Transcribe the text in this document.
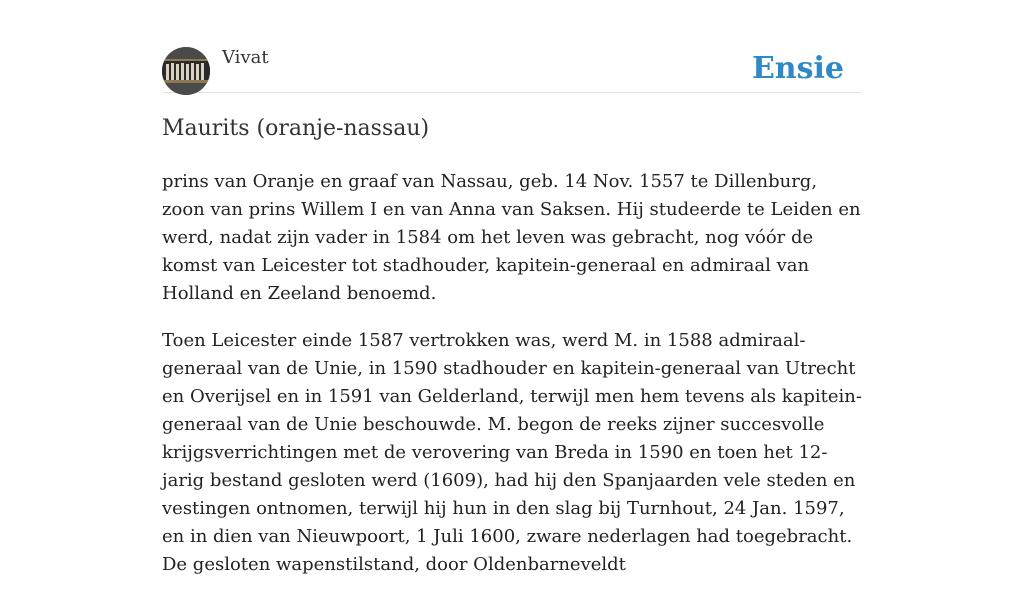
Vivat	Ensie
Maurits (oranje-nassau)

prins van Oranje en graaf van Nassau, geb. 14 Nov. 1557 te Dillenburg, zoon van prins Willem I en van Anna van Saksen. Hij studeerde te Leiden en werd, nadat zijn vader in 1584 om het leven was gebracht, nog vóór de komst van Leicester tot stadhouder, kapitein-generaal en admiraal van Holland en Zeeland benoemd.

Toen Leicester einde 1587 vertrokken was, werd M. in 1588 admiraal-generaal van de Unie, in 1590 stadhouder en kapitein-generaal van Utrecht en Overijsel en in 1591 van Gelderland, terwijl men hem tevens als kapitein-generaal van de Unie beschouwde. M. begon de reeks zijner succesvolle krijgsverrichtingen met de verovering van Breda in 1590 en toen het 12-jarig bestand gesloten werd (1609), had hij den Spanjaarden vele steden en vestingen ontnomen, terwijl hij hun in den slag bij Turnhout, 24 Jan. 1597, en in dien van Nieuwpoort, 1 Juli 1600, zware nederlagen had toegebracht. De gesloten wapenstilstand, door Oldenbarneveldt
